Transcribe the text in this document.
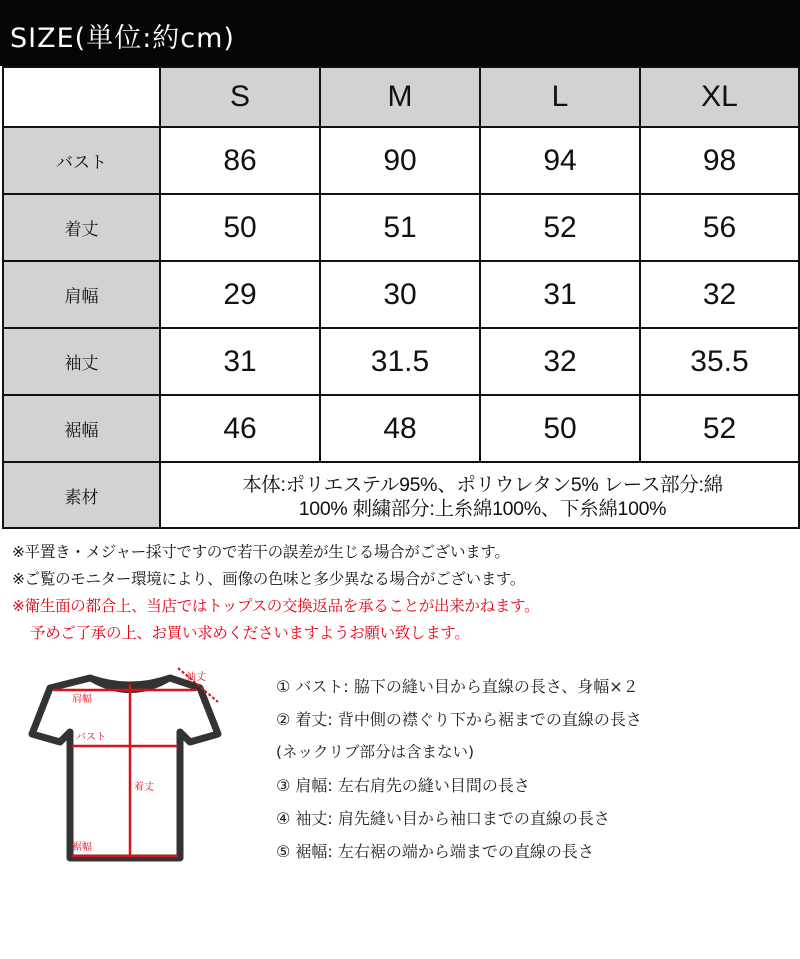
SIZE(単位:約cm)
	S	M	L	XL
バスト	86	90	94	98
着丈	50	51	52	56
肩幅	29	30	31	32
袖丈	31	31.5	32	35.5
裾幅	46	48	50	52
素材	本体:ポリエステル95%、ポリウレタン5% レース部分:綿
100% 刺繍部分:上糸綿100%、下糸綿100%			
※平置き・メジャー採寸ですので若干の誤差が生じる場合がございます。
※ご覧のモニター環境により、画像の色味と多少異なる場合がございます。
※衛生面の都合上、当店ではトップスの交換返品を承ることが出来かねます。
予めご了承の上、お買い求めくださいますようお願い致します。
肩幅
袖丈
バスト
着丈
裾幅
① バスト: 脇下の縫い目から直線の長さ、身幅×２
② 着丈: 背中側の襟ぐり下から裾までの直線の長さ
(ネックリブ部分は含まない)
③ 肩幅: 左右肩先の縫い目間の長さ
④ 袖丈: 肩先縫い目から袖口までの直線の長さ
⑤ 裾幅: 左右裾の端から端までの直線の長さ
